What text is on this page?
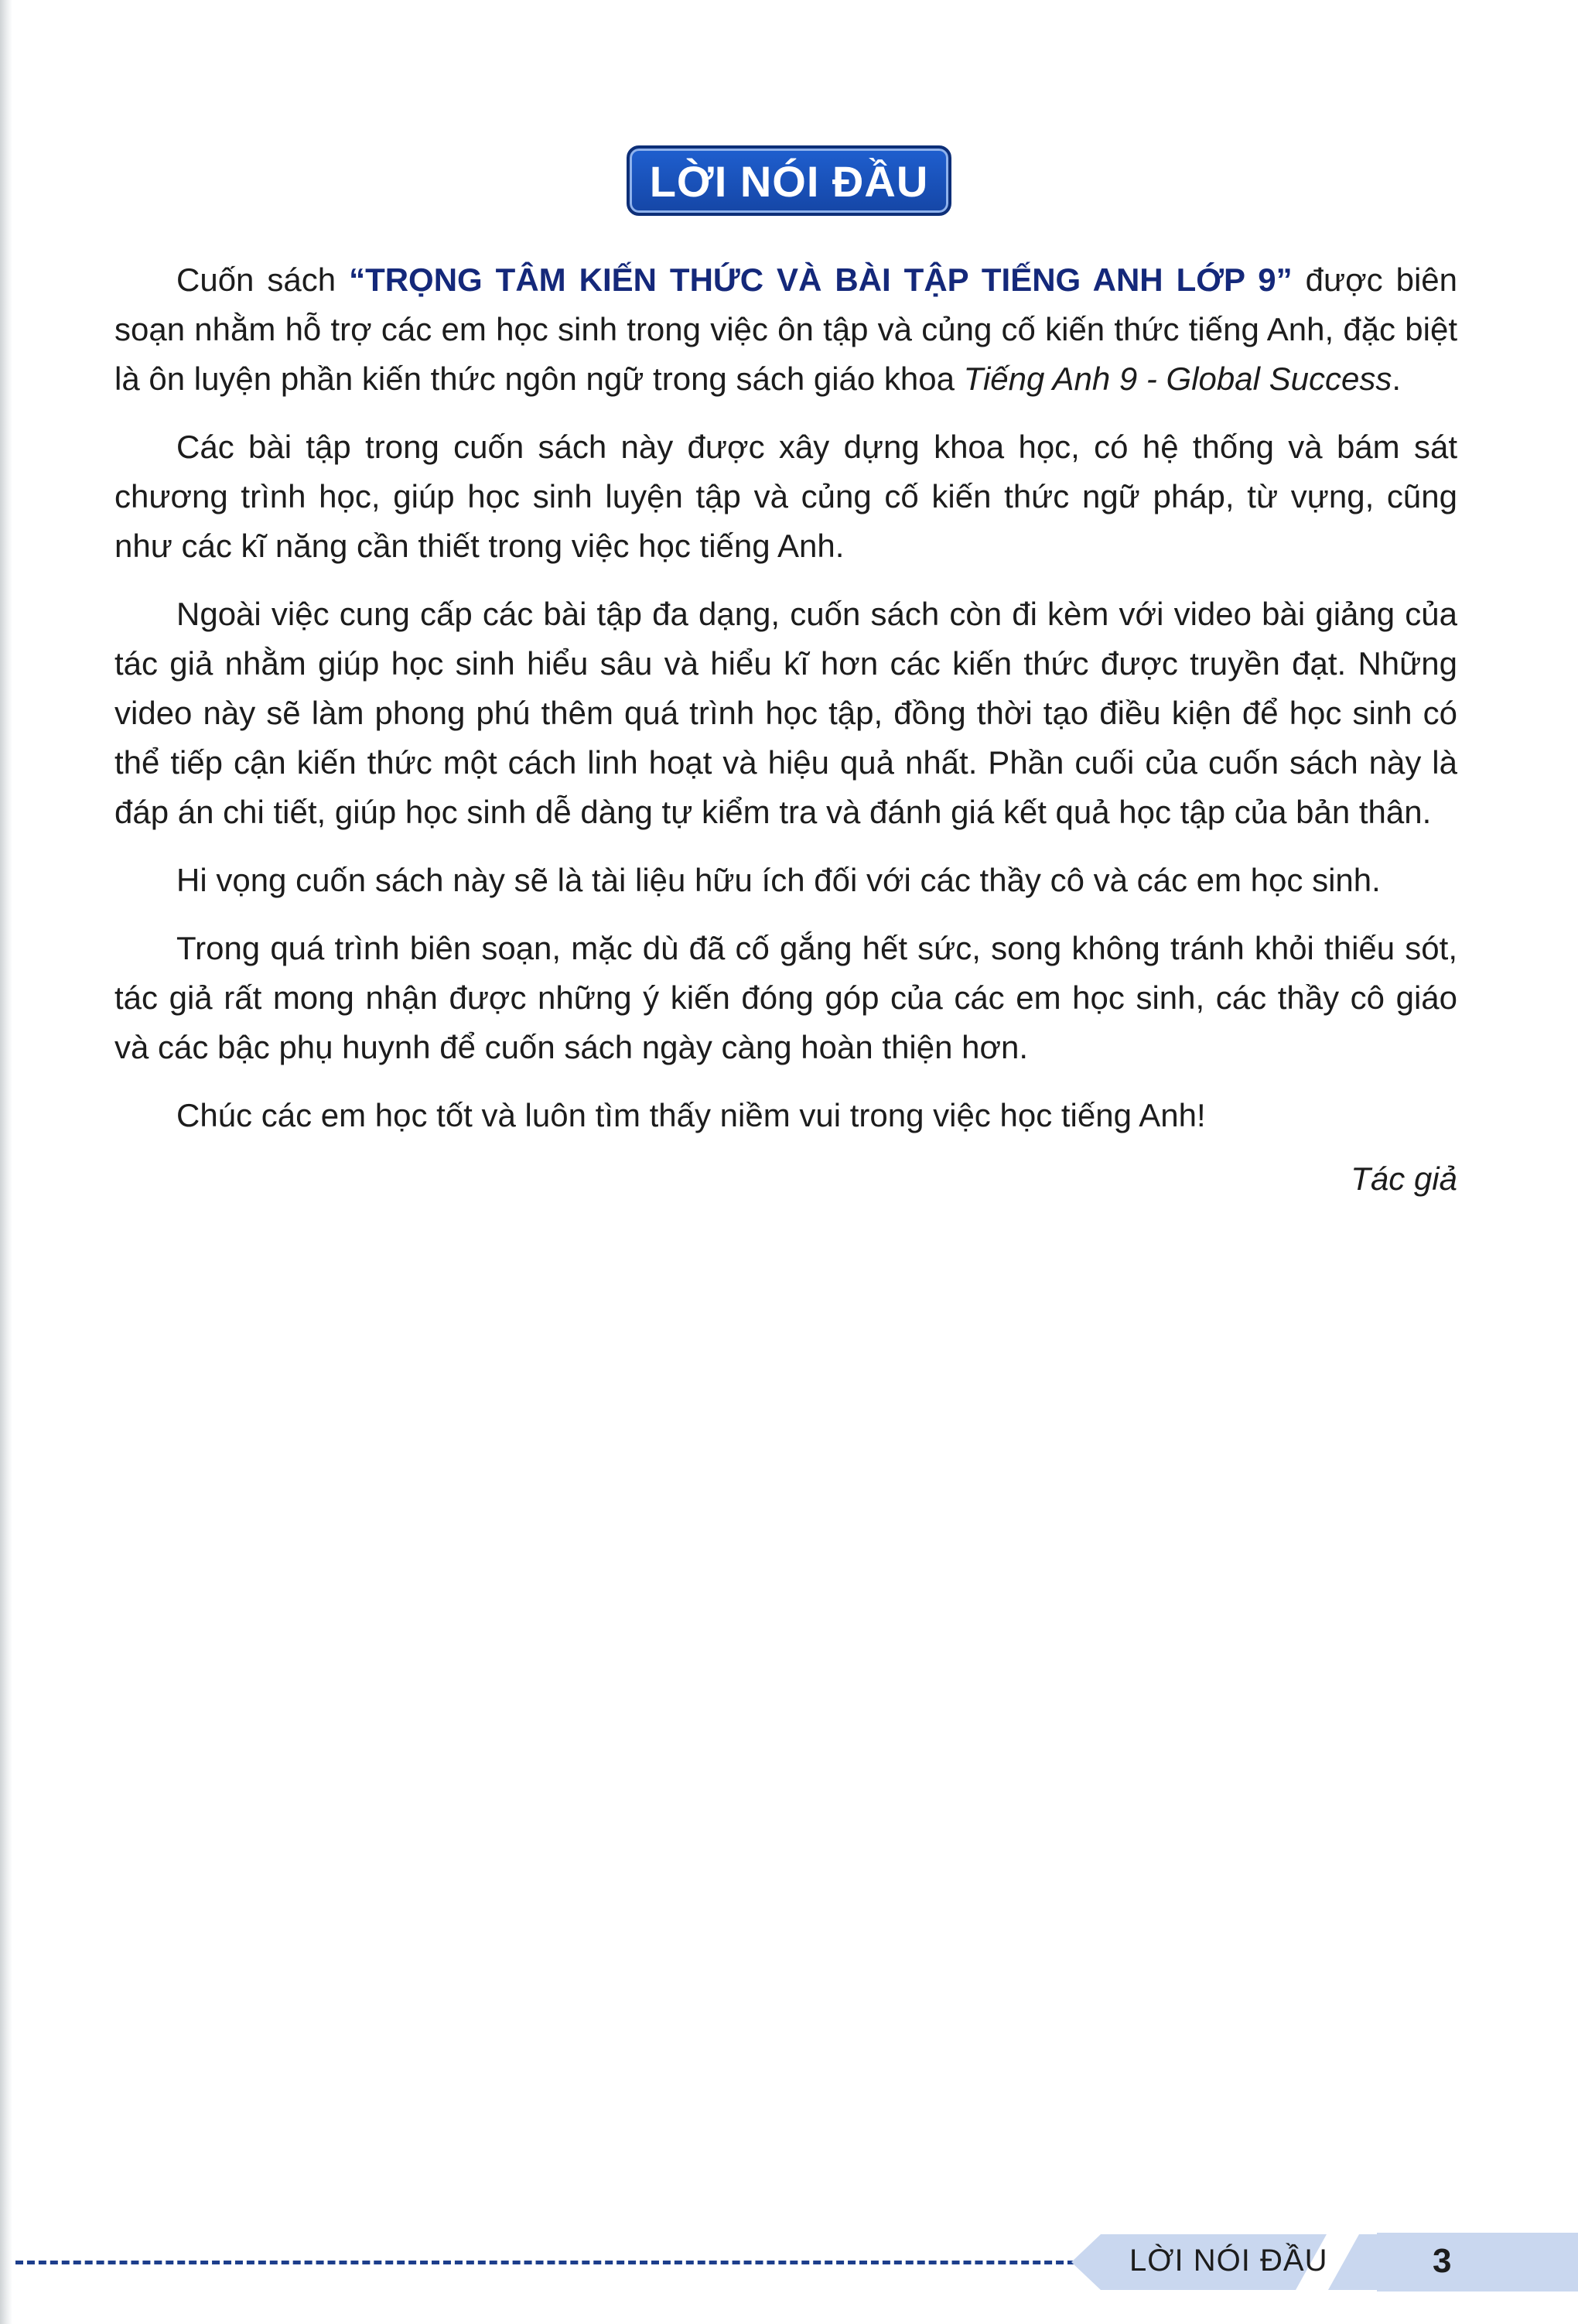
LỜI NÓI ĐẦU

Cuốn sách “TRỌNG TÂM KIẾN THỨC VÀ BÀI TẬP TIẾNG ANH LỚP 9” được biên soạn nhằm hỗ trợ các em học sinh trong việc ôn tập và củng cố kiến thức tiếng Anh, đặc biệt là ôn luyện phần kiến thức ngôn ngữ trong sách giáo khoa Tiếng Anh 9 - Global Success.

Các bài tập trong cuốn sách này được xây dựng khoa học, có hệ thống và bám sát chương trình học, giúp học sinh luyện tập và củng cố kiến thức ngữ pháp, từ vựng, cũng như các kĩ năng cần thiết trong việc học tiếng Anh.

Ngoài việc cung cấp các bài tập đa dạng, cuốn sách còn đi kèm với video bài giảng của tác giả nhằm giúp học sinh hiểu sâu và hiểu kĩ hơn các kiến thức được truyền đạt. Những video này sẽ làm phong phú thêm quá trình học tập, đồng thời tạo điều kiện để học sinh có thể tiếp cận kiến thức một cách linh hoạt và hiệu quả nhất. Phần cuối của cuốn sách này là đáp án chi tiết, giúp học sinh dễ dàng tự kiểm tra và đánh giá kết quả học tập của bản thân.

Hi vọng cuốn sách này sẽ là tài liệu hữu ích đối với các thầy cô và các em học sinh.

Trong quá trình biên soạn, mặc dù đã cố gắng hết sức, song không tránh khỏi thiếu sót, tác giả rất mong nhận được những ý kiến đóng góp của các em học sinh, các thầy cô giáo và các bậc phụ huynh để cuốn sách ngày càng hoàn thiện hơn.

Chúc các em học tốt và luôn tìm thấy niềm vui trong việc học tiếng Anh!

Tác giả
LỜI NÓI ĐẦU	3
